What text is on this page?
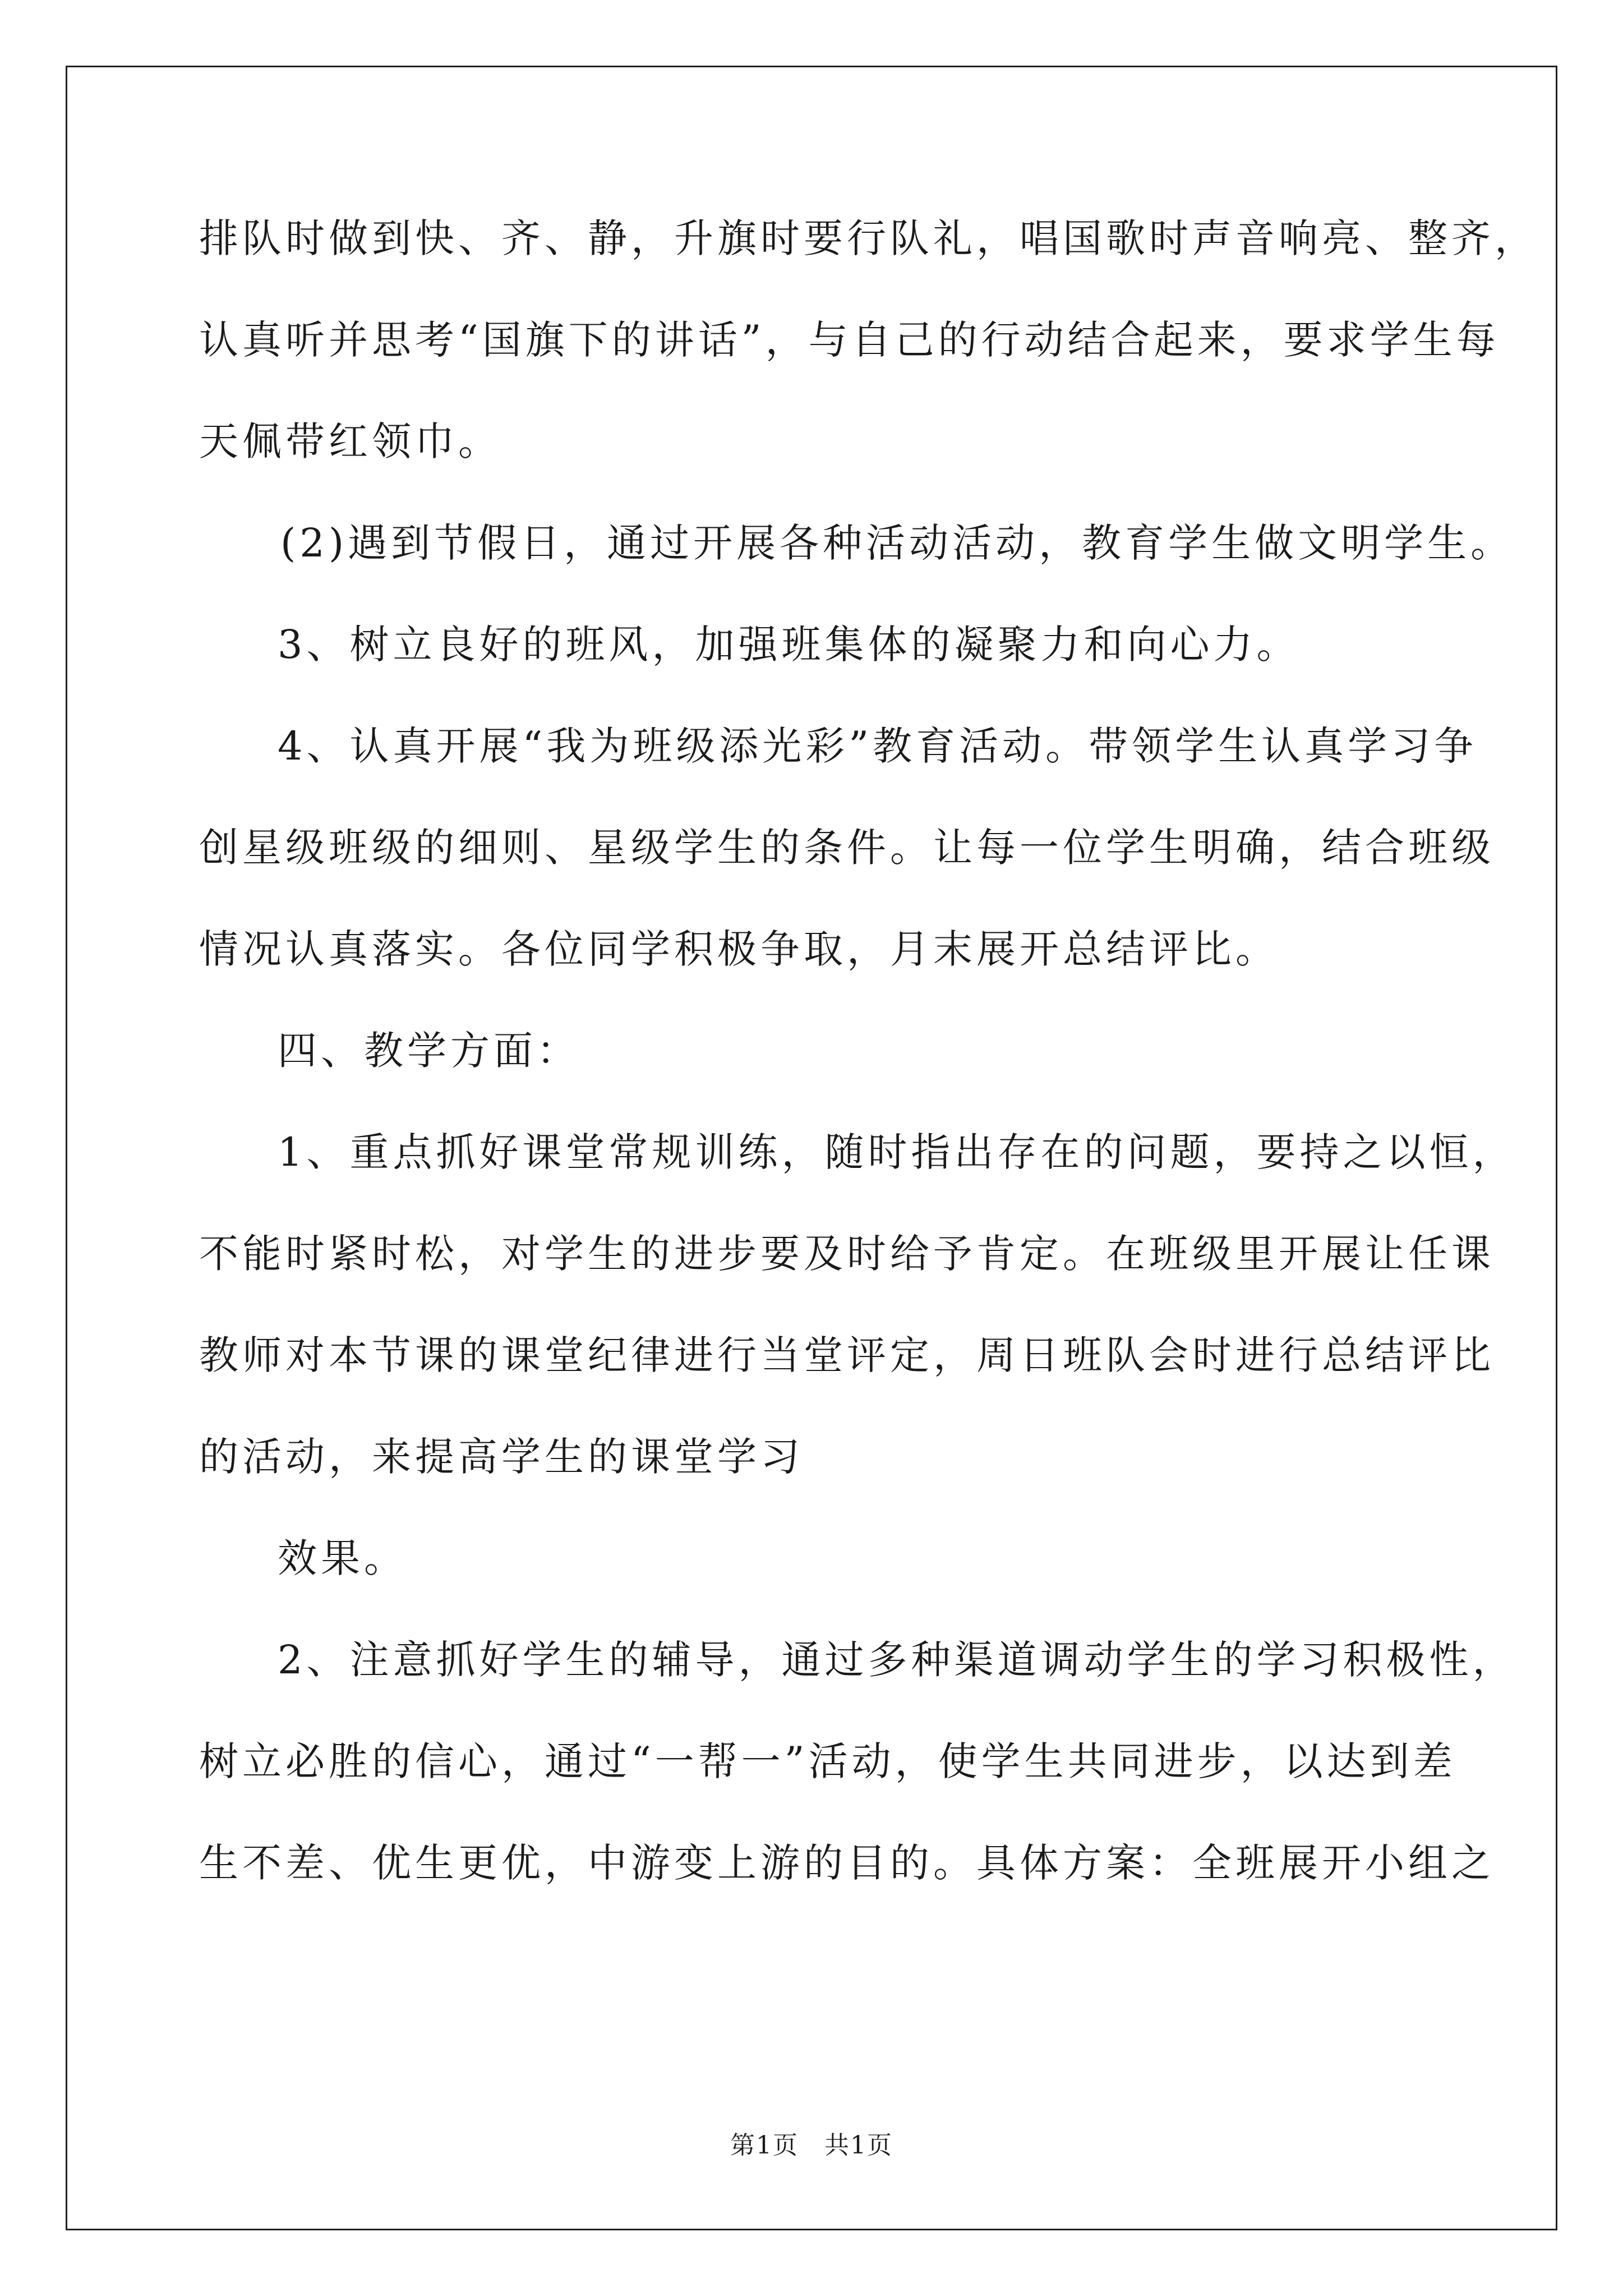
排队时做到快、齐、静，升旗时要行队礼，唱国歌时声音响亮、整齐，
认真听并思考“国旗下的讲话”，与自己的行动结合起来，要求学生每
天佩带红领巾。
(2)遇到节假日，通过开展各种活动活动，教育学生做文明学生。
3、树立良好的班风，加强班集体的凝聚力和向心力。
4、认真开展“我为班级添光彩”教育活动。带领学生认真学习争
创星级班级的细则、星级学生的条件。让每一位学生明确，结合班级
情况认真落实。各位同学积极争取，月末展开总结评比。
四、教学方面：
1、重点抓好课堂常规训练，随时指出存在的问题，要持之以恒，
不能时紧时松，对学生的进步要及时给予肯定。在班级里开展让任课
教师对本节课的课堂纪律进行当堂评定，周日班队会时进行总结评比
的活动，来提高学生的课堂学习
效果。
2、注意抓好学生的辅导，通过多种渠道调动学生的学习积极性，
树立必胜的信心，通过“一帮一”活动，使学生共同进步，以达到差
生不差、优生更优，中游变上游的目的。具体方案：全班展开小组之
第1页　共1页
